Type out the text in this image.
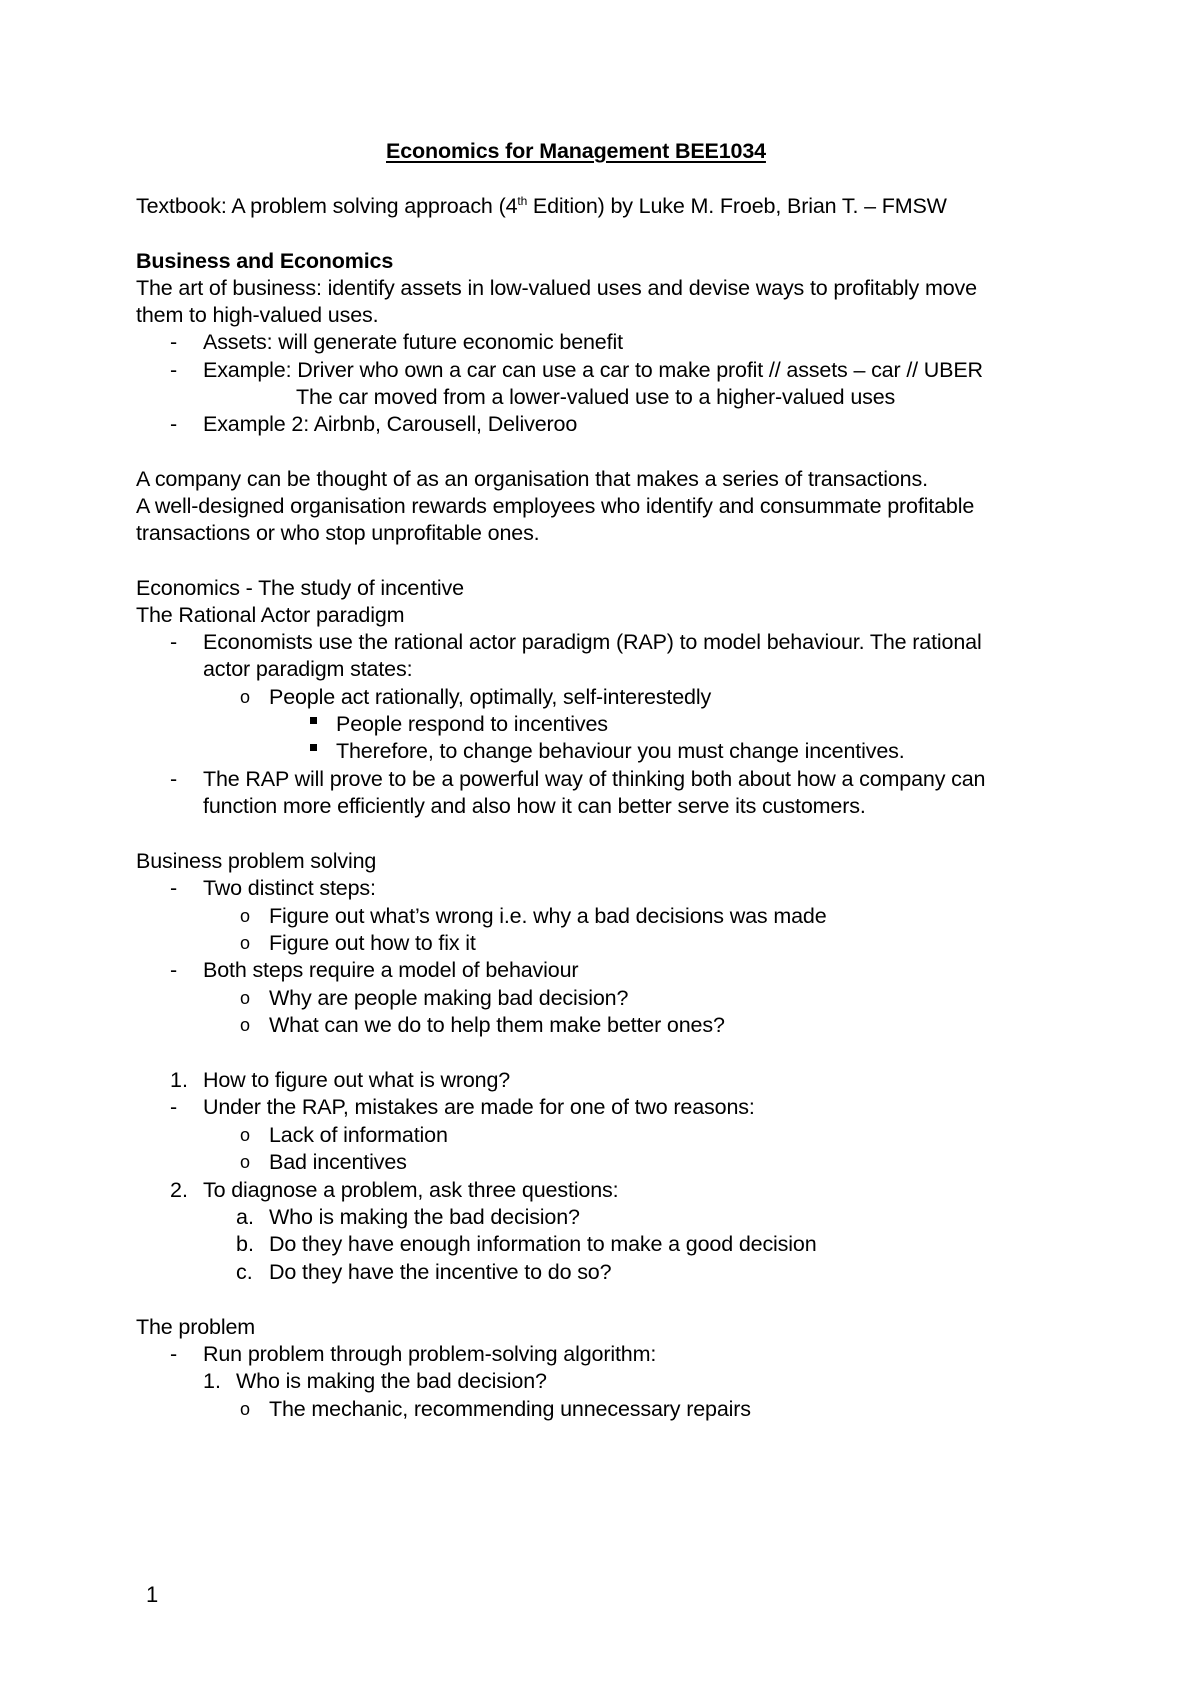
Economics for Management BEE1034
Textbook: A problem solving approach (4th Edition) by Luke M. Froeb, Brian T. – FMSW
Business and Economics
The art of business: identify assets in low-valued uses and devise ways to profitably move
them to high-valued uses.
- Assets: will generate future economic benefit
- Example: Driver who own a car can use a car to make profit // assets – car // UBER
The car moved from a lower-valued use to a higher-valued uses
- Example 2: Airbnb, Carousell, Deliveroo
A company can be thought of as an organisation that makes a series of transactions.
A well-designed organisation rewards employees who identify and consummate profitable
transactions or who stop unprofitable ones.
Economics - The study of incentive
The Rational Actor paradigm
- Economists use the rational actor paradigm (RAP) to model behaviour. The rational
actor paradigm states:
o People act rationally, optimally, self-interestedly
People respond to incentives
Therefore, to change behaviour you must change incentives.
- The RAP will prove to be a powerful way of thinking both about how a company can
function more efficiently and also how it can better serve its customers.
Business problem solving
- Two distinct steps:
o Figure out what’s wrong i.e. why a bad decisions was made
o Figure out how to fix it
- Both steps require a model of behaviour
o Why are people making bad decision?
o What can we do to help them make better ones?
1. How to figure out what is wrong?
- Under the RAP, mistakes are made for one of two reasons:
o Lack of information
o Bad incentives
2. To diagnose a problem, ask three questions:
a. Who is making the bad decision?
b. Do they have enough information to make a good decision
c. Do they have the incentive to do so?
The problem
- Run problem through problem-solving algorithm:
1. Who is making the bad decision?
o The mechanic, recommending unnecessary repairs
1
